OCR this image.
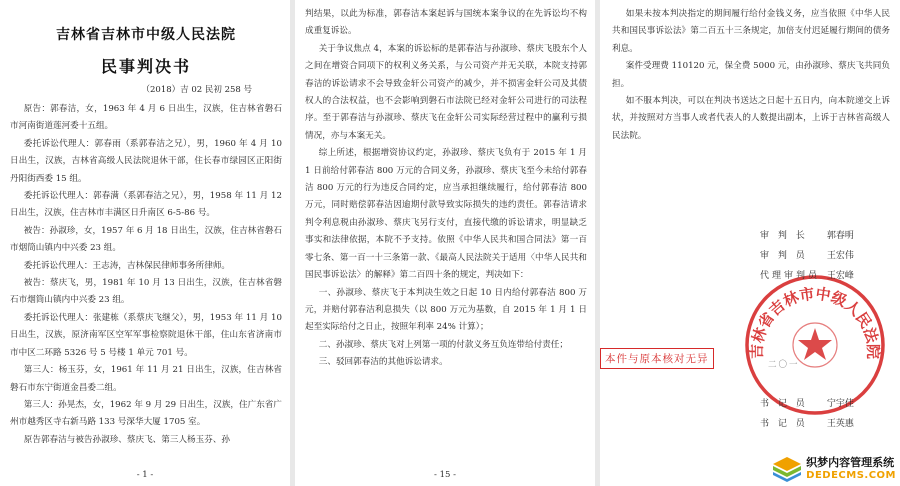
吉林省吉林市中级人民法院
民事判决书
（2018）吉 02 民初 258 号

原告：郭春洁，女，1963 年 4 月 6 日出生，汉族，住吉林省磐石市河南街道莲河委十五组。

委托诉讼代理人：郭春雨（系郭春洁之兄），男，1960 年 4 月 10 日出生，汉族，吉林省高级人民法院退休干部，住长春市绿园区正阳街丹阳街西委 15 组。

委托诉讼代理人：郭春满（系郭春洁之兄），男，1958 年 11 月 12 日出生，汉族，住吉林市丰满区日升南区 6-5-86 号。

被告：孙淑珍，女，1957 年 6 月 18 日出生，汉族，住吉林省磐石市烟筒山镇内中兴委 23 组。

委托诉讼代理人：王志涛，吉林保民律师事务所律师。

被告：蔡庆飞，男，1981 年 10 月 13 日出生，汉族，住吉林省磐石市烟筒山镇内中兴委 23 组。

委托诉讼代理人：张建栋（系蔡庆飞继父），男，1953 年 11 月 10 日出生，汉族，原济南军区空军军事检察院退休干部，住山东省济南市市中区二环路 5326 号 5 号楼 1 单元 701 号。

第三人：杨玉芬，女，1961 年 11 月 21 日出生，汉族，住吉林省磐石市东宁街道金昌委二组。

第三人：孙晃杰，女，1962 年 9 月 29 日出生，汉族，住广东省广州市越秀区寺右新马路 133 号深华大厦 1705 室。

原告郭春洁与被告孙淑珍、蔡庆飞、第三人杨玉芬、孙

- 1 -

判结果，以此为标准，郭春洁本案起诉与国统本案争议的在先诉讼均不构成重复诉讼。

关于争议焦点 4，本案的诉讼标的是郭春洁与孙淑珍、蔡庆飞股东个人之间在增资合同项下的权利义务关系，与公司资产并无关联，本院支持郭春洁的诉讼请求不会导致金轩公司资产的减少，并不损害金轩公司及其债权人的合法权益，也不会影响到磐石市法院已经对金轩公司进行的司法程序。至于郭春洁与孙淑珍、蔡庆飞在金轩公司实际经营过程中的赢利亏损情况，亦与本案无关。

综上所述，根据增资协议约定，孙淑珍、蔡庆飞负有于 2015 年 1 月 1 日前给付郭春洁 800 万元的合同义务，孙淑珍、蔡庆飞至今未给付郭春洁 800 万元的行为违反合同约定，应当承担继续履行，给付郭春洁 800 万元，同时赔偿郭春洁因逾期付款导致实际损失的违约责任。郭春洁请求判令利息税由孙淑珍、蔡庆飞另行支付，直接代缴的诉讼请求，明显缺乏事实和法律依据，本院不予支持。依照《中华人民共和国合同法》第一百零七条、第一百一十三条第一款、《最高人民法院关于适用〈中华人民共和国民事诉讼法〉的解释》第二百四十条的规定，判决如下：

一、孙淑珍、蔡庆飞于本判决生效之日起 10 日内给付郭春洁 800 万元，并赔付郭春洁利息损失（以 800 万元为基数，自 2015 年 1 月 1 日起至实际给付之日止，按照年利率 24% 计算）；

二、孙淑珍、蔡庆飞对上列第一项的付款义务互负连带给付责任；

三、驳回郭春洁的其他诉讼请求。

- 15 -

如果未按本判决指定的期间履行给付金钱义务，应当依照《中华人民共和国民事诉讼法》第二百五十三条规定，加倍支付迟延履行期间的债务利息。

案件受理费 110120 元，保全费 5000 元，由孙淑珍、蔡庆飞共同负担。

如不服本判决，可以在判决书送达之日起十五日内，向本院递交上诉状，并按照对方当事人或者代表人的人数提出副本，上诉于吉林省高级人民法院。

吉林省吉林市中级人民法院
审 判 长 郭春明
审 判 员 王宏伟
代理审判员 王宏峰
二〇一
本件与原本核对无异
书 记 员 宁宇佳
书 记 员 王英惠
织梦内容管理系统
DEDECMS.COM
